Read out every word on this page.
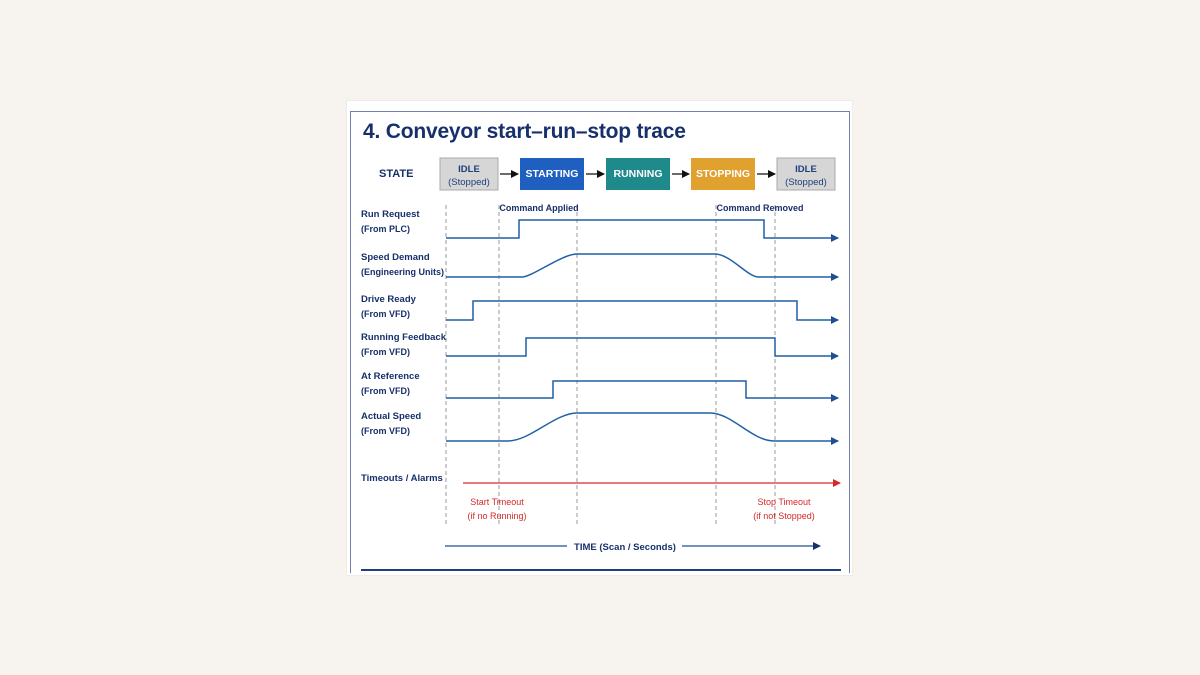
4. Conveyor start–run–stop trace
STATE	IDLE
(Stopped)
STARTING	RUNNING	STOPPING	IDLE
(Stopped)
Command Applied	Command Removed
Run Request
(From PLC)
Speed Demand
(Engineering Units)
Drive Ready
(From VFD)
Running Feedback
(From VFD)
At Reference
(From VFD)
Actual Speed
(From VFD)
Timeouts / Alarms
Start Timeout
(if no Running)
Stop Timeout
(if not Stopped)
TIME (Scan / Seconds)
